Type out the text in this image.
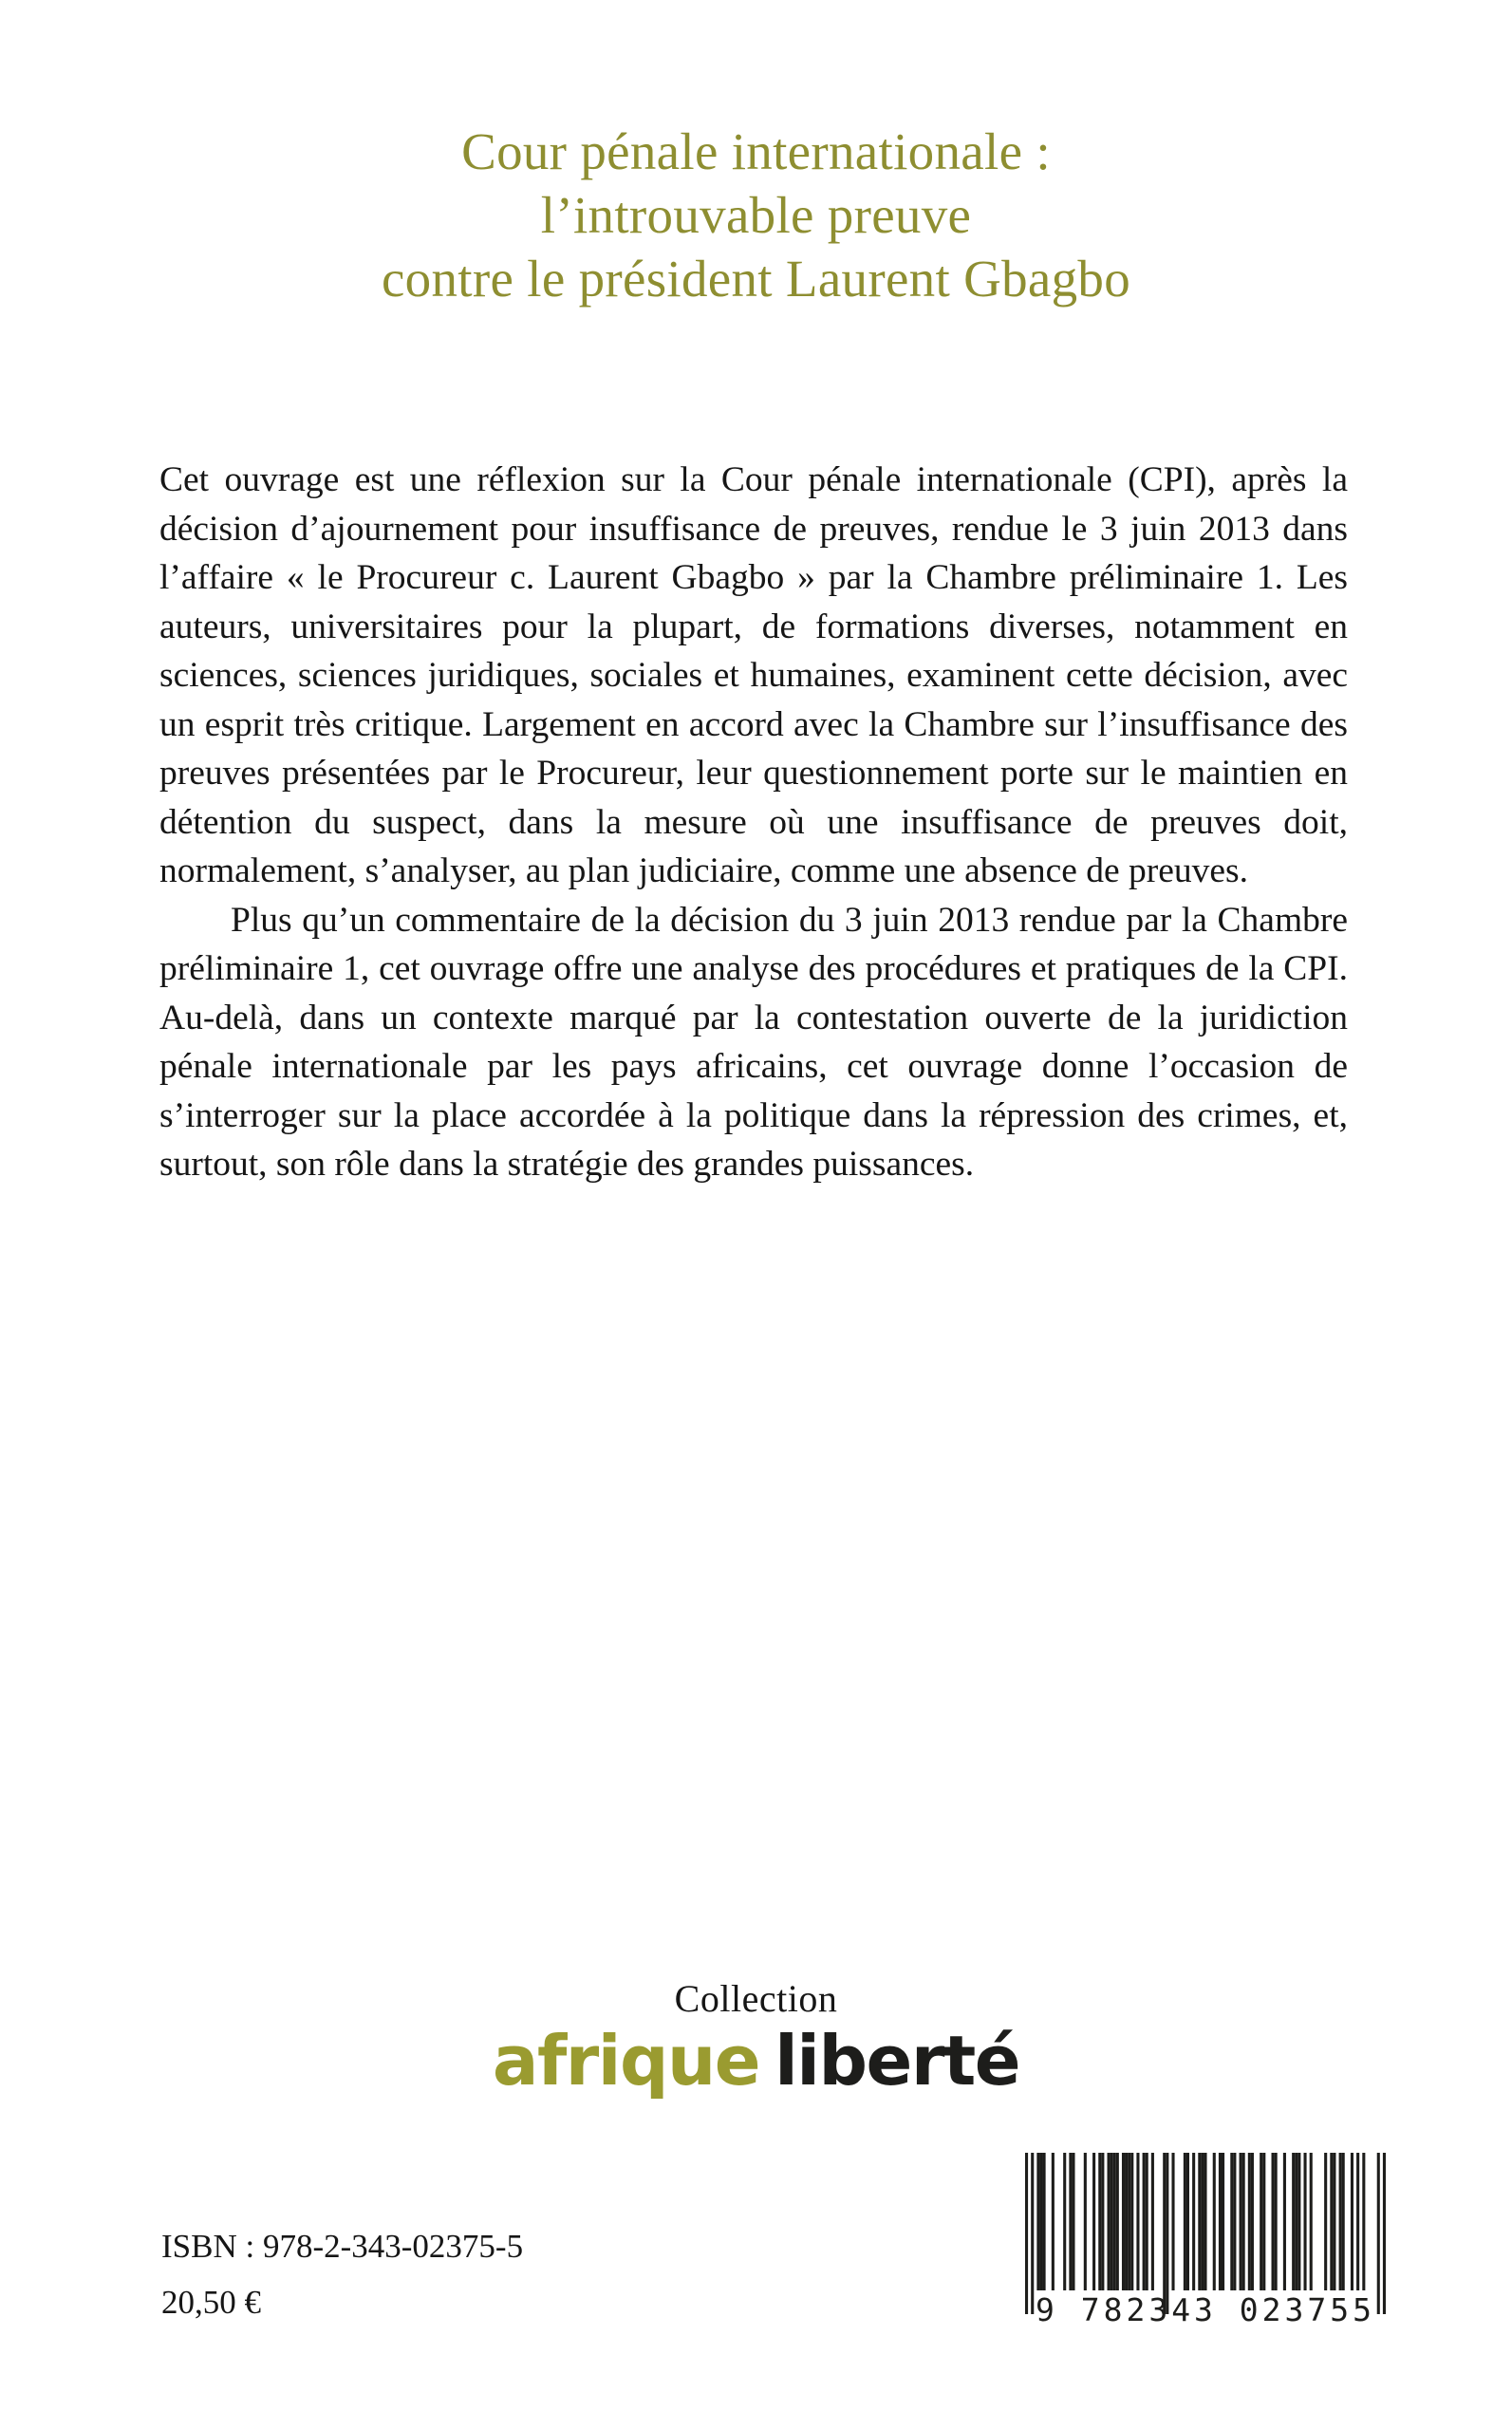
Cour pénale internationale :
l’introuvable preuve
contre le président Laurent Gbagbo

Cet ouvrage est une réflexion sur la Cour pénale internationale (CPI), après la décision d’ajournement pour insuffisance de preuves, rendue le 3 juin 2013 dans l’affaire « le Procureur c. Laurent Gbagbo » par la Chambre préliminaire 1. Les auteurs, universitaires pour la plupart, de formations diverses, notamment en sciences, sciences juridiques, sociales et humaines, examinent cette décision, avec un esprit très critique. Largement en accord avec la Chambre sur l’insuffisance des preuves présentées par le Procureur, leur questionnement porte sur le maintien en détention du suspect, dans la mesure où une insuffisance de preuves doit, normalement, s’analyser, au plan judiciaire, comme une absence de preuves.

Plus qu’un commentaire de la décision du 3 juin 2013 rendue par la Chambre préliminaire 1, cet ouvrage offre une analyse des procédures et pratiques de la CPI. Au-delà, dans un contexte marqué par la contestation ouverte de la juridiction pénale internationale par les pays africains, cet ouvrage donne l’occasion de s’interroger sur la place accordée à la politique dans la répression des crimes, et, surtout, son rôle dans la stratégie des grandes puissances.

Collection
afrique liberté
ISBN : 978-2-343-02375-5
20,50 €	9 782343 023755
